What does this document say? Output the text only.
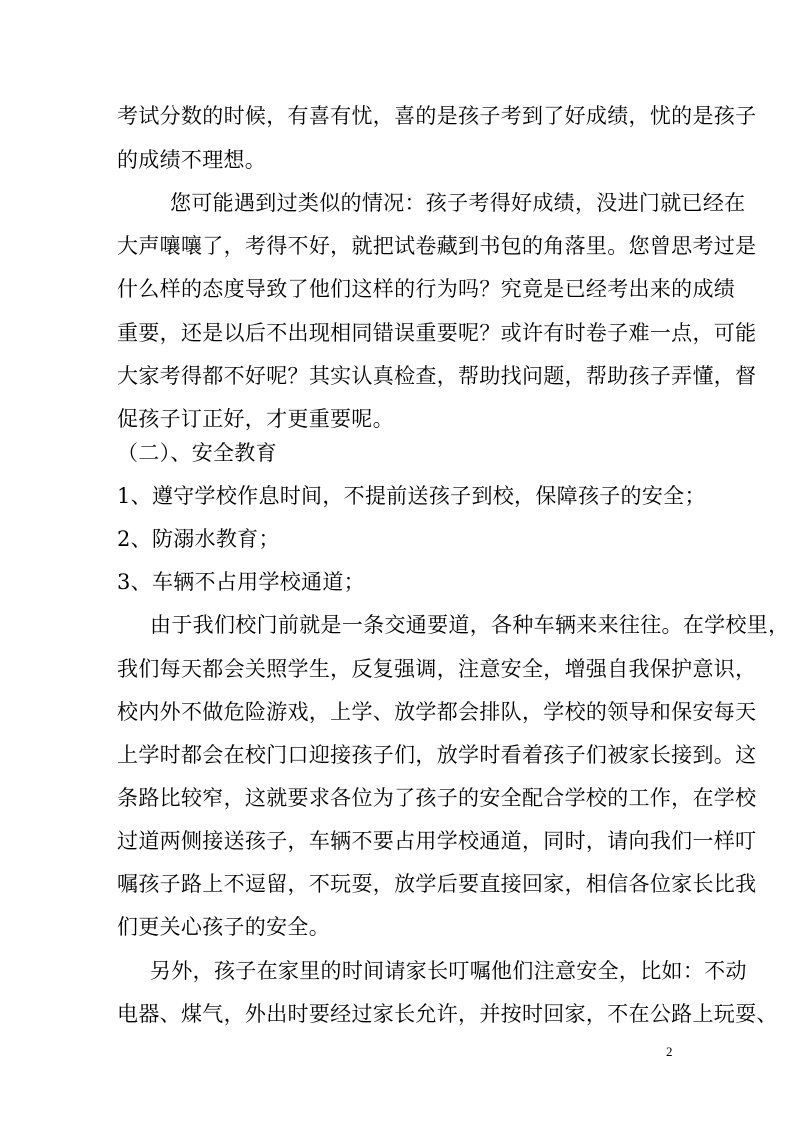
考 试 分 数 的 时 候 ， 有 喜 有 忧 ， 喜 的 是 孩 子 考 到 了 好 成 绩 ， 忧 的 是 孩 子
的成绩不理想。
您 可 能 遇 到 过 类 似 的 情 况 ： 孩 子 考 得 好 成 绩 ， 没 进 门 就 已 经 在
大 声 嚷 嚷 了 ， 考 得 不 好 ， 就 把 试 卷 藏 到 书 包 的 角 落 里 。 您 曾 思 考 过 是
什 么 样 的 态 度 导 致 了 他 们 这 样 的 行 为 吗 ？ 究 竟 是 已 经 考 出 来 的 成 绩
重 要 ， 还 是 以 后 不 出 现 相 同 错 误 重 要 呢 ？ 或 许 有 时 卷 子 难 一 点 ， 可 能
大 家 考 得 都 不 好 呢 ？ 其 实 认 真 检 查 ， 帮 助 找 问 题 ， 帮 助 孩 子 弄 懂 ， 督
促孩子订正好，才更重要呢。
（二）、安全教育
1、遵守学校作息时间，不提前送孩子到校，保障孩子的安全；
2、防溺水教育；
3、车辆不占用学校通道；
由 于 我 们 校 门 前 就 是 一 条 交 通 要 道 ， 各 种 车 辆 来 来 往 往 。 在 学 校 里 ，
我 们 每 天 都 会 关 照 学 生 ， 反 复 强 调 ， 注 意 安 全 ， 增 强 自 我 保 护 意 识 ，
校 内 外 不 做 危 险 游 戏 ， 上 学 、 放 学 都 会 排 队 ， 学 校 的 领 导 和 保 安 每 天
上 学 时 都 会 在 校 门 口 迎 接 孩 子 们 ， 放 学 时 看 着 孩 子 们 被 家 长 接 到 。 这
条 路 比 较 窄 ， 这 就 要 求 各 位 为 了 孩 子 的 安 全 配 合 学 校 的 工 作 ， 在 学 校
过 道 两 侧 接 送 孩 子 ， 车 辆 不 要 占 用 学 校 通 道 ， 同 时 ， 请 向 我 们 一 样 叮
嘱 孩 子 路 上 不 逗 留 ， 不 玩 耍 ， 放 学 后 要 直 接 回 家 ， 相 信 各 位 家 长 比 我
们更关心孩子的安全。
另 外 ， 孩 子 在 家 里 的 时 间 请 家 长 叮 嘱 他 们 注 意 安 全 ， 比 如 ： 不 动
电 器 、 煤 气 ， 外 出 时 要 经 过 家 长 允 许 ， 并 按 时 回 家 ， 不 在 公 路 上 玩 耍 、
2
